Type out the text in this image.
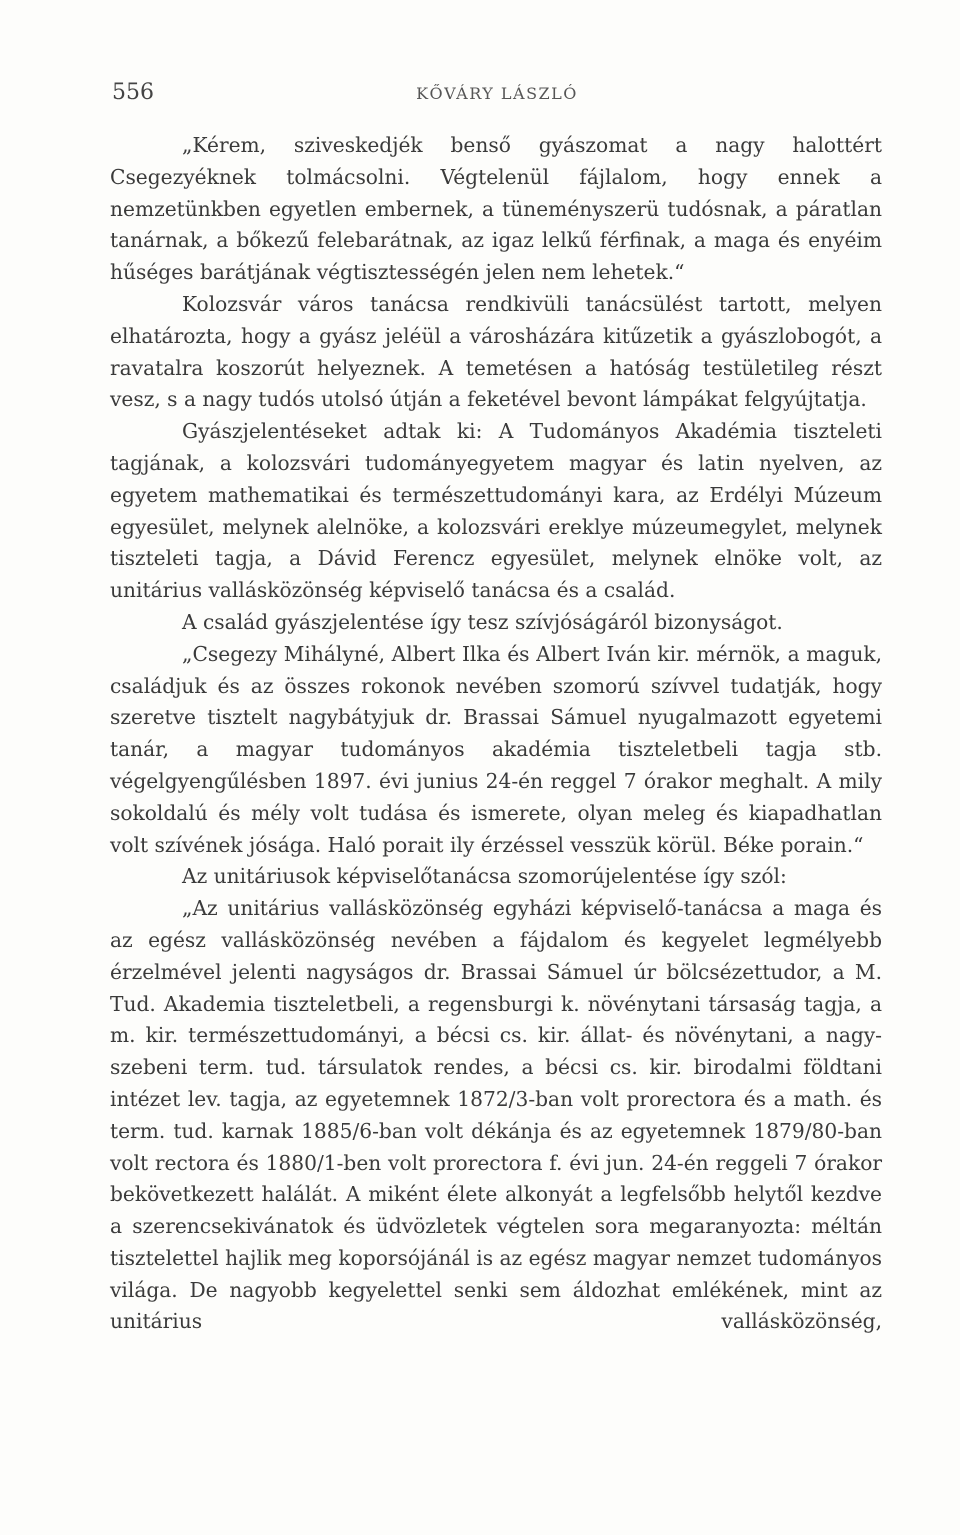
556	KŐVÁRY LÁSZLÓ

„Kérem, sziveskedjék benső gyászomat a nagy halottért Csegezyéknek tolmácsolni. Végtelenül fájlalom, hogy ennek a nemzetünkben egyetlen embernek, a tüneményszerü tudósnak, a páratlan tanárnak, a bőkezű felebarátnak, az igaz lelkű férfinak, a maga és enyéim hűséges barátjának végtisztességén jelen nem lehetek.“

Kolozsvár város tanácsa rendkivüli tanácsülést tartott, melyen elhatározta, hogy a gyász jeléül a városházára kitűzetik a gyászlobogót, a ravatalra koszorút helyeznek. A temetésen a hatóság testületileg részt vesz, s a nagy tudós utolsó útján a feketével bevont lámpákat felgyújtatja.

Gyászjelentéseket adtak ki: A Tudományos Akadémia tiszteleti tagjának, a kolozsvári tudományegyetem magyar és latin nyelven, az egyetem mathematikai és természettudományi kara, az Erdélyi Múzeum egyesület, melynek alelnöke, a kolozsvári ereklye múzeumegylet, melynek tiszteleti tagja, a Dávid Ferencz egyesület, melynek elnöke volt, az unitárius vallásközönség képviselő tanácsa és a család.

A család gyászjelentése így tesz szívjóságáról bizonyságot.

„Csegezy Mihályné, Albert Ilka és Albert Iván kir. mérnök, a maguk, családjuk és az összes rokonok nevében szomorú szívvel tudatják, hogy szeretve tisztelt nagybátyjuk dr. Brassai Sámuel nyugalmazott egyetemi tanár, a magyar tudományos akadémia tiszteletbeli tagja stb. végelgyengűlésben 1897. évi junius 24-én reggel 7 órakor meghalt. A mily sokoldalú és mély volt tudása és ismerete, olyan meleg és kiapadhatlan volt szívének jósága. Haló porait ily érzéssel vesszük körül. Béke porain.“

Az unitáriusok képviselőtanácsa szomorújelentése így szól:

„Az unitárius vallásközönség egyházi képviselő-tanácsa a maga és az egész vallásközönség nevében a fájdalom és kegyelet legmélyebb érzelmével jelenti nagyságos dr. Brassai Sámuel úr bölcsézettudor, a M. Tud. Akademia tiszteletbeli, a regensburgi k. növénytani társaság tagja, a m. kir. természettudományi, a bécsi cs. kir. állat- és növénytani, a nagy-szebeni term. tud. társulatok rendes, a bécsi cs. kir. birodalmi földtani intézet lev. tagja, az egyetemnek 1872/3-ban volt prorectora és a math. és term. tud. karnak 1885/6-ban volt dékánja és az egyetemnek 1879/80-ban volt rectora és 1880/1-ben volt prorectora f. évi jun. 24-én reggeli 7 órakor bekövetkezett halálát. A miként élete alkonyát a legfelsőbb helytől kezdve a szerencsekivánatok és üdvözletek végtelen sora megaranyozta: méltán tisztelettel hajlik meg koporsójánál is az egész magyar nemzet tudományos világa. De nagyobb kegyelettel senki sem áldozhat emlékének, mint az unitárius vallásközönség,
